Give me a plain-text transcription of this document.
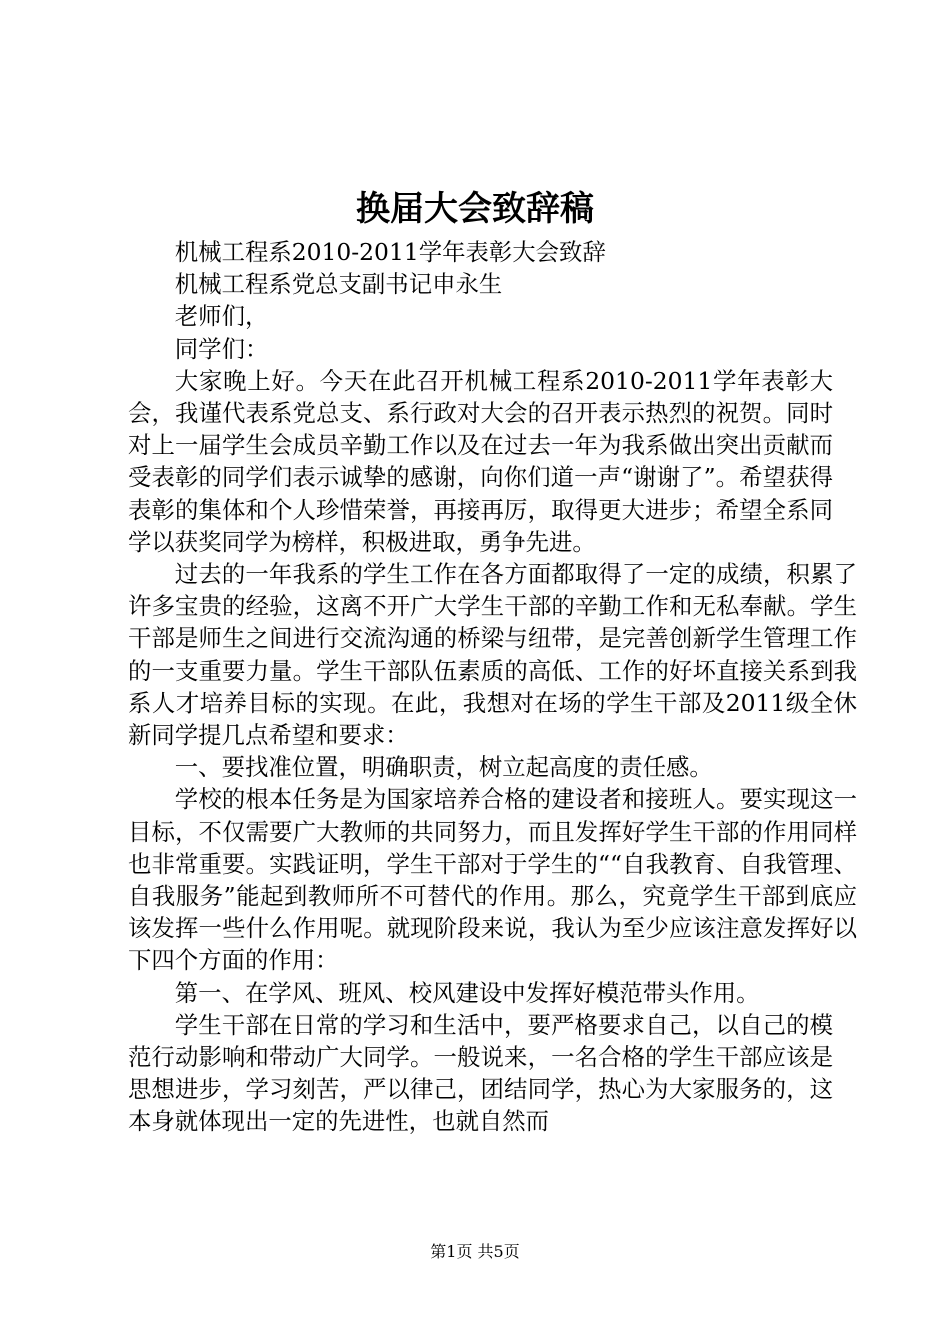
换届大会致辞稿

机械工程系2010-2011学年表彰大会致辞

机械工程系党总支副书记申永生

老师们，

同学们：

大家晚上好。今天在此召开机械工程系2010-2011学年表彰大会，我谨代表系党总支、系行政对大会的召开表示热烈的祝贺。同时对上一届学生会成员辛勤工作以及在过去一年为我系做出突出贡献而受表彰的同学们表示诚挚的感谢，向你们道一声“谢谢了”。希望获得表彰的集体和个人珍惜荣誉，再接再厉，取得更大进步；希望全系同学以获奖同学为榜样，积极进取，勇争先进。

过去的一年我系的学生工作在各方面都取得了一定的成绩，积累了许多宝贵的经验，这离不开广大学生干部的辛勤工作和无私奉献。学生干部是师生之间进行交流沟通的桥梁与纽带，是完善创新学生管理工作的一支重要力量。学生干部队伍素质的高低、工作的好坏直接关系到我系人才培养目标的实现。在此，我想对在场的学生干部及2011级全休新同学提几点希望和要求：

一、要找准位置，明确职责，树立起高度的责任感。

学校的根本任务是为国家培养合格的建设者和接班人。要实现这一目标，不仅需要广大教师的共同努力，而且发挥好学生干部的作用同样也非常重要。实践证明，学生干部对于学生的““自我教育、自我管理、自我服务”能起到教师所不可替代的作用。那么，究竟学生干部到底应该发挥一些什么作用呢。就现阶段来说，我认为至少应该注意发挥好以下四个方面的作用：

第一、在学风、班风、校风建设中发挥好模范带头作用。

学生干部在日常的学习和生活中，要严格要求自己，以自己的模范行动影响和带动广大同学。一般说来，一名合格的学生干部应该是思想进步，学习刻苦，严以律己，团结同学，热心为大家服务的，这本身就体现出一定的先进性，也就自然而

第1页 共5页
